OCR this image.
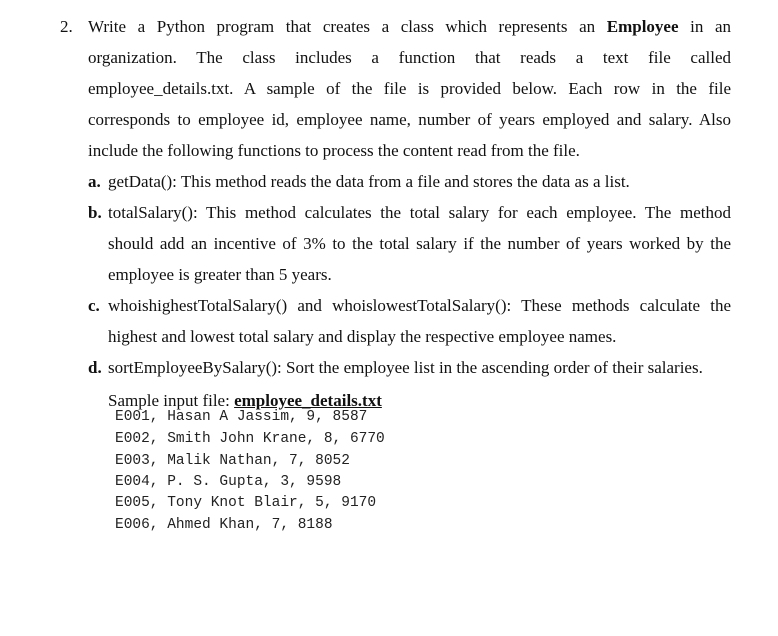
2. Write a Python program that creates a class which represents an Employee in an
organization. The class includes a function that reads a text file called
employee_details.txt. A sample of the file is provided below. Each row in the file
corresponds to employee id, employee name, number of years employed and salary. Also
include the following functions to process the content read from the file.
a. getData(): This method reads the data from a file and stores the data as a list.
b. totalSalary(): This method calculates the total salary for each employee. The method
should add an incentive of 3% to the total salary if the number of years worked by the
employee is greater than 5 years.
c. whoishighestTotalSalary() and whoislowestTotalSalary(): These methods calculate the
highest and lowest total salary and display the respective employee names.
d. sortEmployeeBySalary(): Sort the employee list in the ascending order of their salaries.
Sample input file: employee_details.txt
E001, Hasan A Jassim, 9, 8587
E002, Smith John Krane, 8, 6770
E003, Malik Nathan, 7, 8052
E004, P. S. Gupta, 3, 9598
E005, Tony Knot Blair, 5, 9170
E006, Ahmed Khan, 7, 8188
